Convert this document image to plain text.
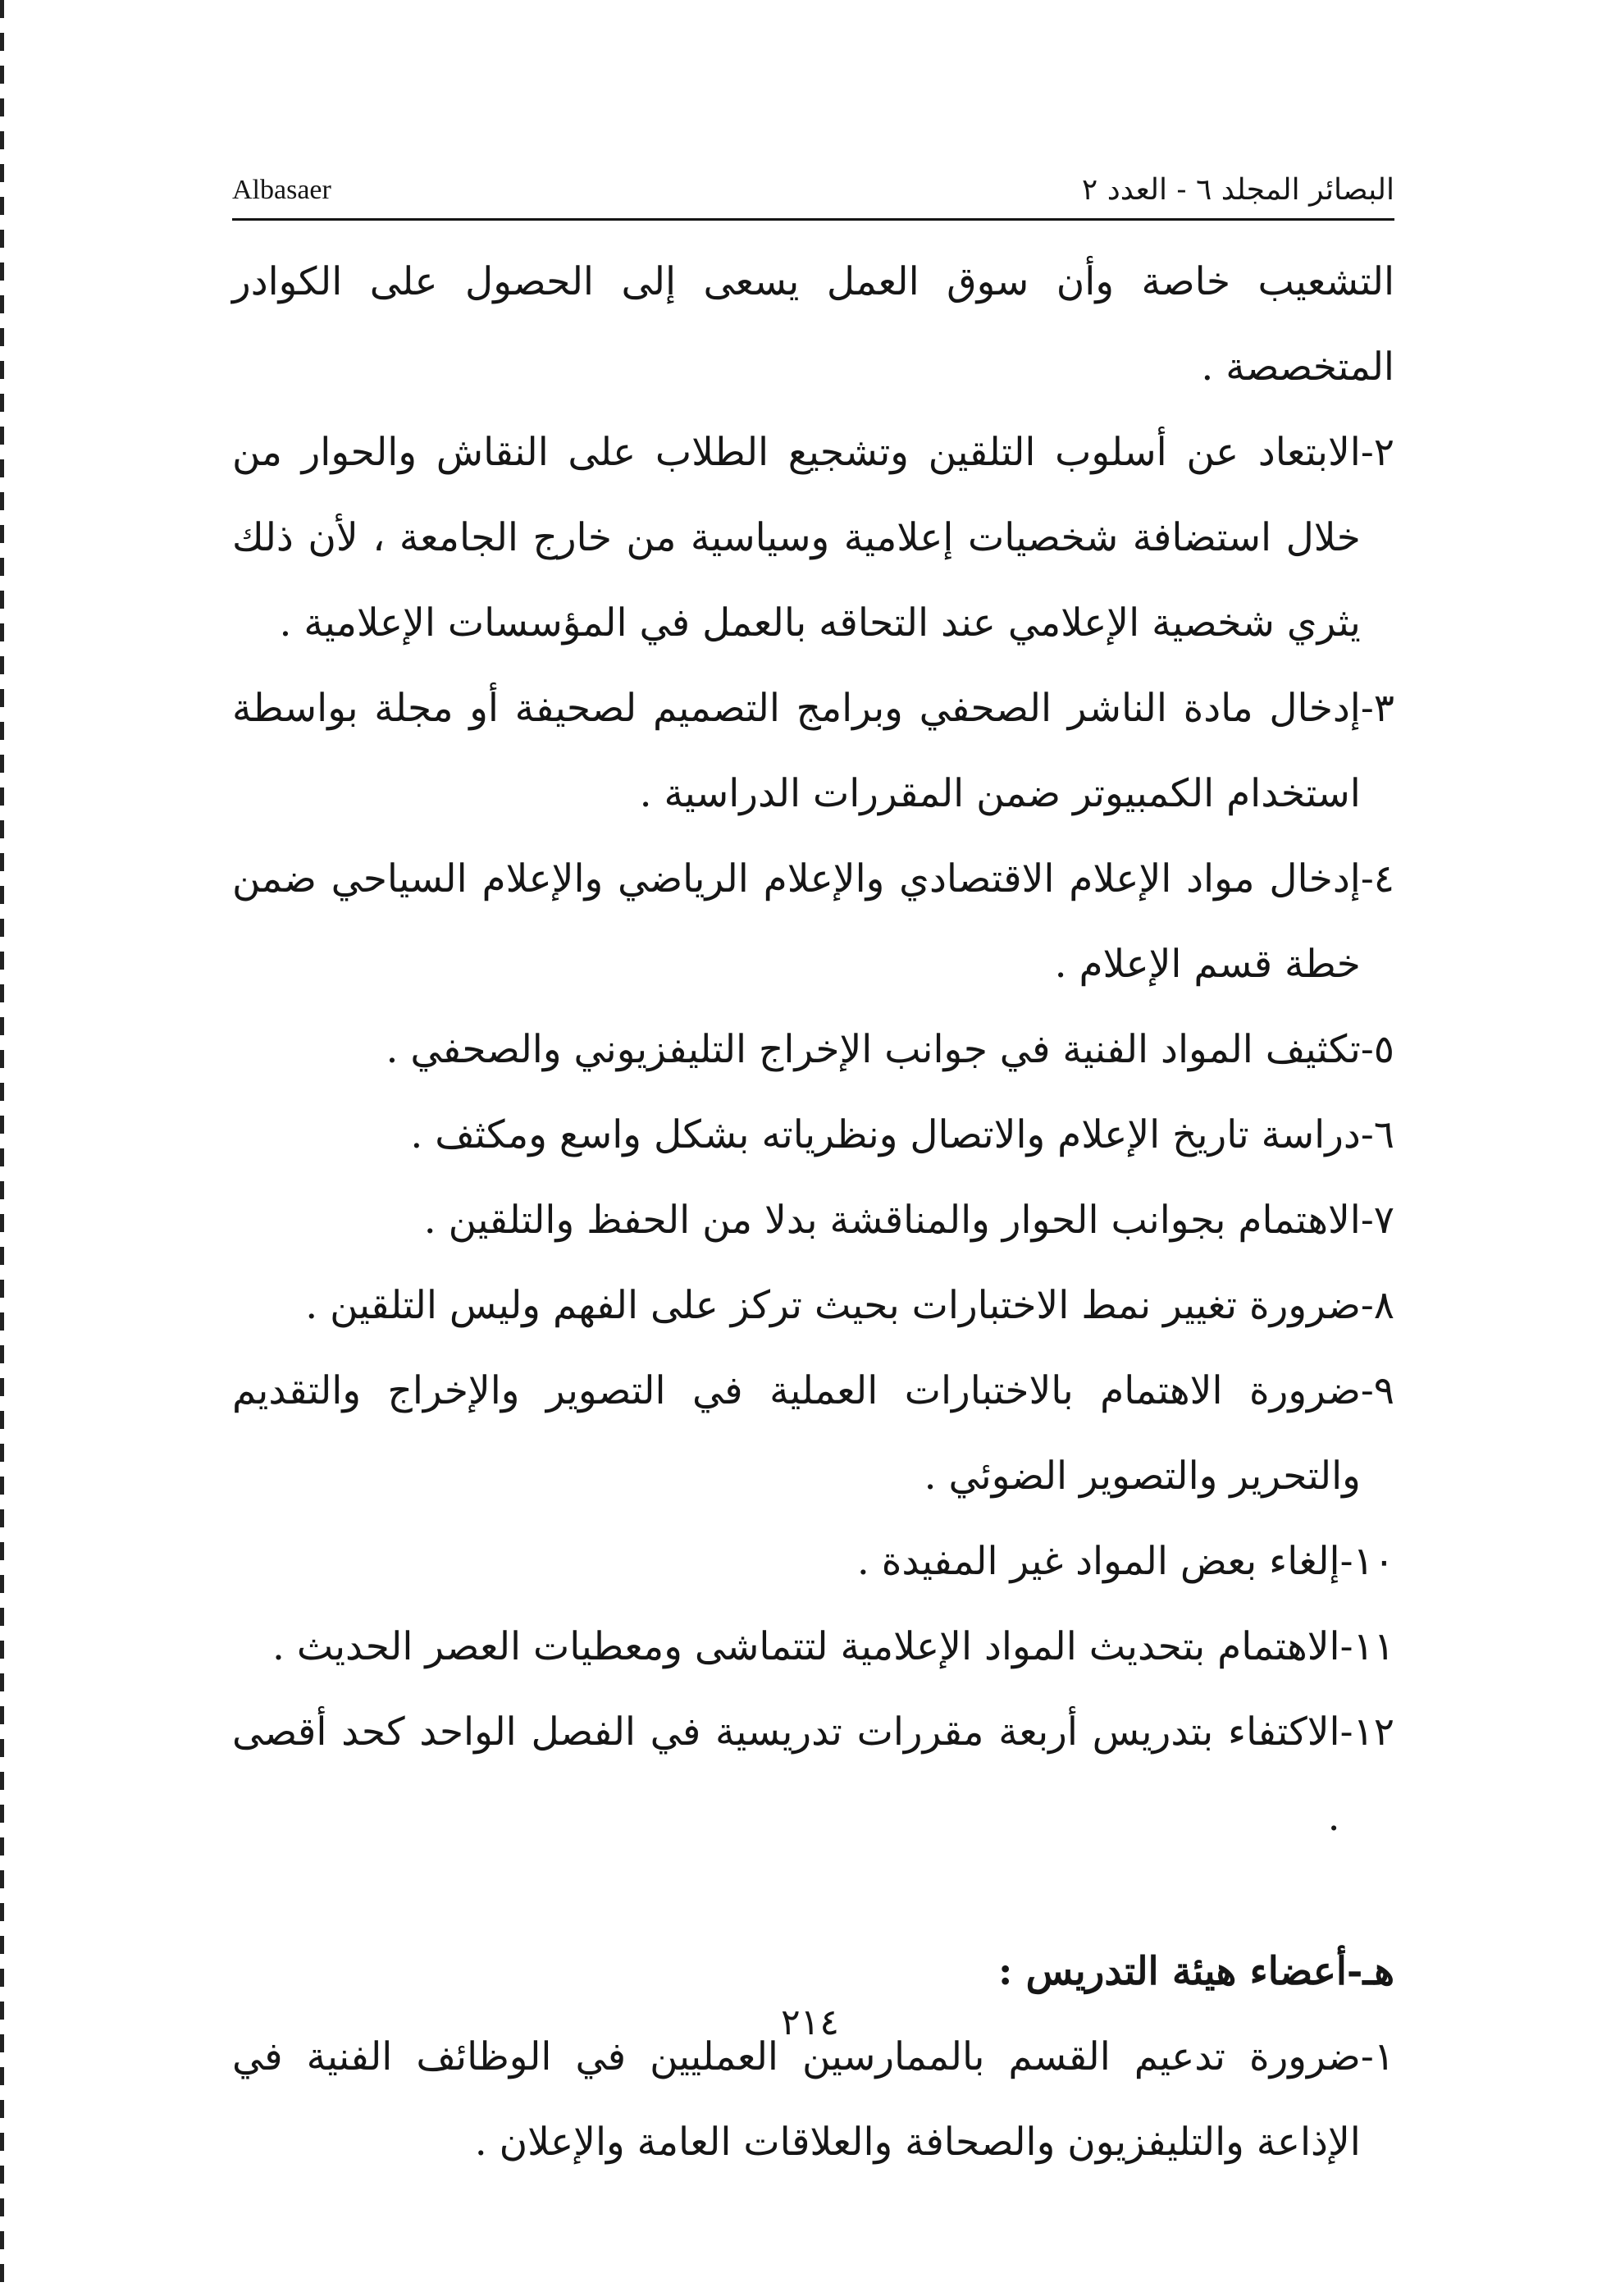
البصائر المجلد ٦ - العدد ٢
Albasaer

التشعيب خاصة وأن سوق العمل يسعى إلى الحصول على الكوادر المتخصصة .

٢-
الابتعاد عن أسلوب التلقين وتشجيع الطلاب على النقاش والحوار من خلال استضافة شخصيات إعلامية وسياسية من خارج الجامعة ، لأن ذلك يثري شخصية الإعلامي عند التحاقه بالعمل في المؤسسات الإعلامية .
٣-
إدخال مادة الناشر الصحفي وبرامج التصميم لصحيفة أو مجلة بواسطة استخدام الكمبيوتر ضمن المقررات الدراسية .
٤-
إدخال مواد الإعلام الاقتصادي والإعلام الرياضي والإعلام السياحي ضمن خطة قسم الإعلام .
٥-
تكثيف المواد الفنية في جوانب الإخراج التليفزيوني والصحفي .
٦-
دراسة تاريخ الإعلام والاتصال ونظرياته بشكل واسع ومكثف .
٧-
الاهتمام بجوانب الحوار والمناقشة بدلا من الحفظ والتلقين .
٨-
ضرورة تغيير نمط الاختبارات بحيث تركز على الفهم وليس التلقين .
٩-
ضرورة الاهتمام بالاختبارات العملية في التصوير والإخراج والتقديم والتحرير والتصوير الضوئي .
١٠-
إلغاء بعض المواد غير المفيدة .
١١-
الاهتمام بتحديث المواد الإعلامية لتتماشى ومعطيات العصر الحديث .
١٢-
الاكتفاء بتدريس أربعة مقررات تدريسية في الفصل الواحد كحد أقصى .

هـ-أعضاء هيئة التدريس :

١-
ضرورة تدعيم القسم بالممارسين العمليين في الوظائف الفنية في الإذاعة والتليفزيون والصحافة والعلاقات العامة والإعلان .
٢١٤
